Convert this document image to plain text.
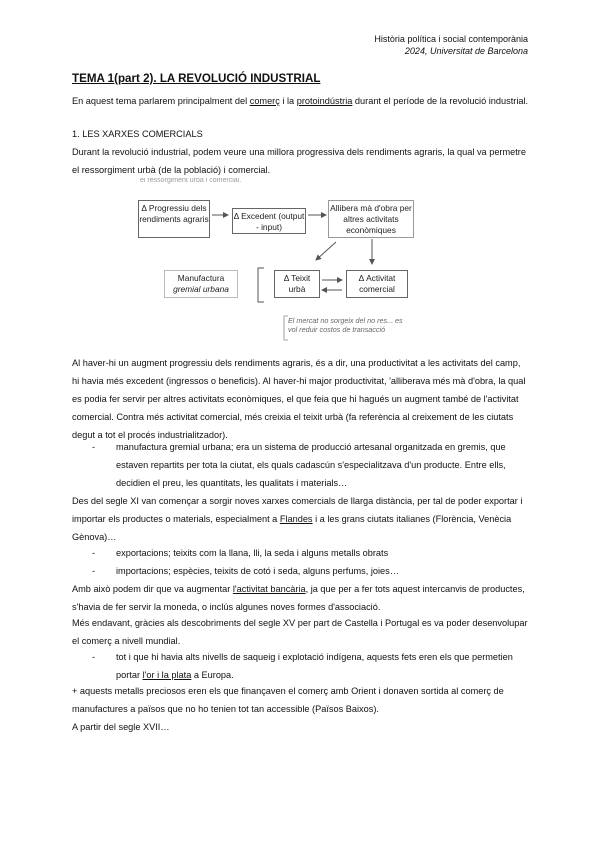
Història política i social contemporània
2024, Universitat de Barcelona
TEMA 1(part 2). LA REVOLUCIÓ INDUSTRIAL

En aquest tema parlarem principalment del comerç i la protoindústria durant el període de la revolució industrial.

1. LES XARXES COMERCIALS

Durant la revolució industrial, podem veure una millora progressiva dels rendiments agraris, la qual va permetre el ressorgiment urbà (de la població) i comercial.

el ressorgiment urbà i comercial.
Δ Progressiu dels rendiments agraris	Δ Excedent (output - input)
Allibera mà d'obra per altres activitats econòmiques
Manufactura
gremial urbana
Δ Teixit urbà
Δ Activitat comercial
El mercat no sorgeix del no res... es vol reduir costos de transacció

Al haver-hi un augment progressiu dels rendiments agraris, és a dir, una productivitat a les activitats del camp, hi havia més excedent (ingressos o beneficis). Al haver-hi major productivitat, 'alliberava més mà d'obra, la qual es podia fer servir per altres activitats econòmiques, el que feia que hi hagués un augment també de l'activitat comercial. Contra més activitat comercial, més creixia el teixit urbà (fa referència al creixement de les ciutats degut a tot el procés industrialitzador).

- manufactura gremial urbana; era un sistema de producció artesanal organitzada en gremis, que estaven repartits per tota la ciutat, els quals cadascún s'especialitzava d'un producte. Entre ells, decidien el preu, les quantitats, les qualitats i materials…

Des del segle XI van començar a sorgir noves xarxes comercials de llarga distància, per tal de poder exportar i importar els productes o materials, especialment a Flandes i a les grans ciutats italianes (Florència, Venècia Gènova)…

- exportacions; teixits com la llana, lli, la seda i alguns metalls obrats

- importacions; espècies, teixits de cotó i seda, alguns perfums, joies…

Amb això podem dir que va augmentar l'activitat bancària, ja que per a fer tots aquest intercanvis de productes, s'havia de fer servir la moneda, o inclús algunes noves formes d'associació.

Més endavant, gràcies als descobriments del segle XV per part de Castella i Portugal es va poder desenvolupar el comerç a nivell mundial.

- tot i que hi havia alts nivells de saqueig i explotació indígena, aquests fets eren els que permetien portar l'or i la plata a Europa.

+ aquests metalls preciosos eren els que finançaven el comerç amb Orient i donaven sortida al comerç de manufactures a països que no ho tenien tot tan accessible (Països Baixos).

A partir del segle XVII…
